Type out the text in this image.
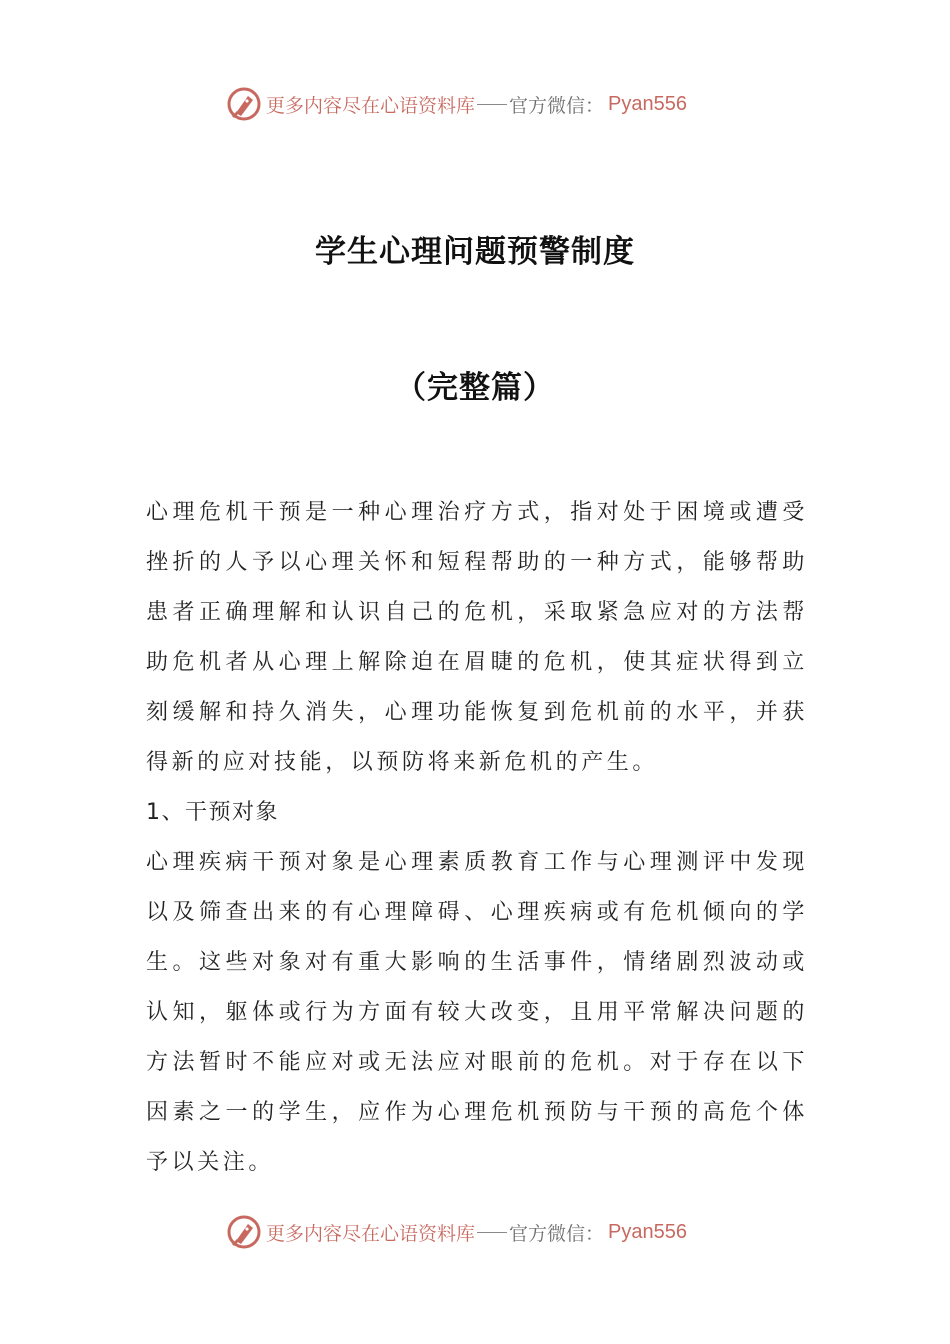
更多内容尽在心语资料库 官方微信： Pyan556
学生心理问题预警制度
（完整篇）

心理危机干预是一种心理治疗方式，指对处于困境或遭受挫折的人予以心理关怀和短程帮助的一种方式，能够帮助患者正确理解和认识自己的危机，采取紧急应对的方法帮助危机者从心理上解除迫在眉睫的危机，使其症状得到立刻缓解和持久消失，心理功能恢复到危机前的水平，并获得新的应对技能，以预防将来新危机的产生。

1、干预对象

心理疾病干预对象是心理素质教育工作与心理测评中发现以及筛查出来的有心理障碍、心理疾病或有危机倾向的学生。这些对象对有重大影响的生活事件，情绪剧烈波动或认知，躯体或行为方面有较大改变，且用平常解决问题的方法暂时不能应对或无法应对眼前的危机。对于存在以下因素之一的学生，应作为心理危机预防与干预的高危个体予以关注。

更多内容尽在心语资料库 官方微信： Pyan556
